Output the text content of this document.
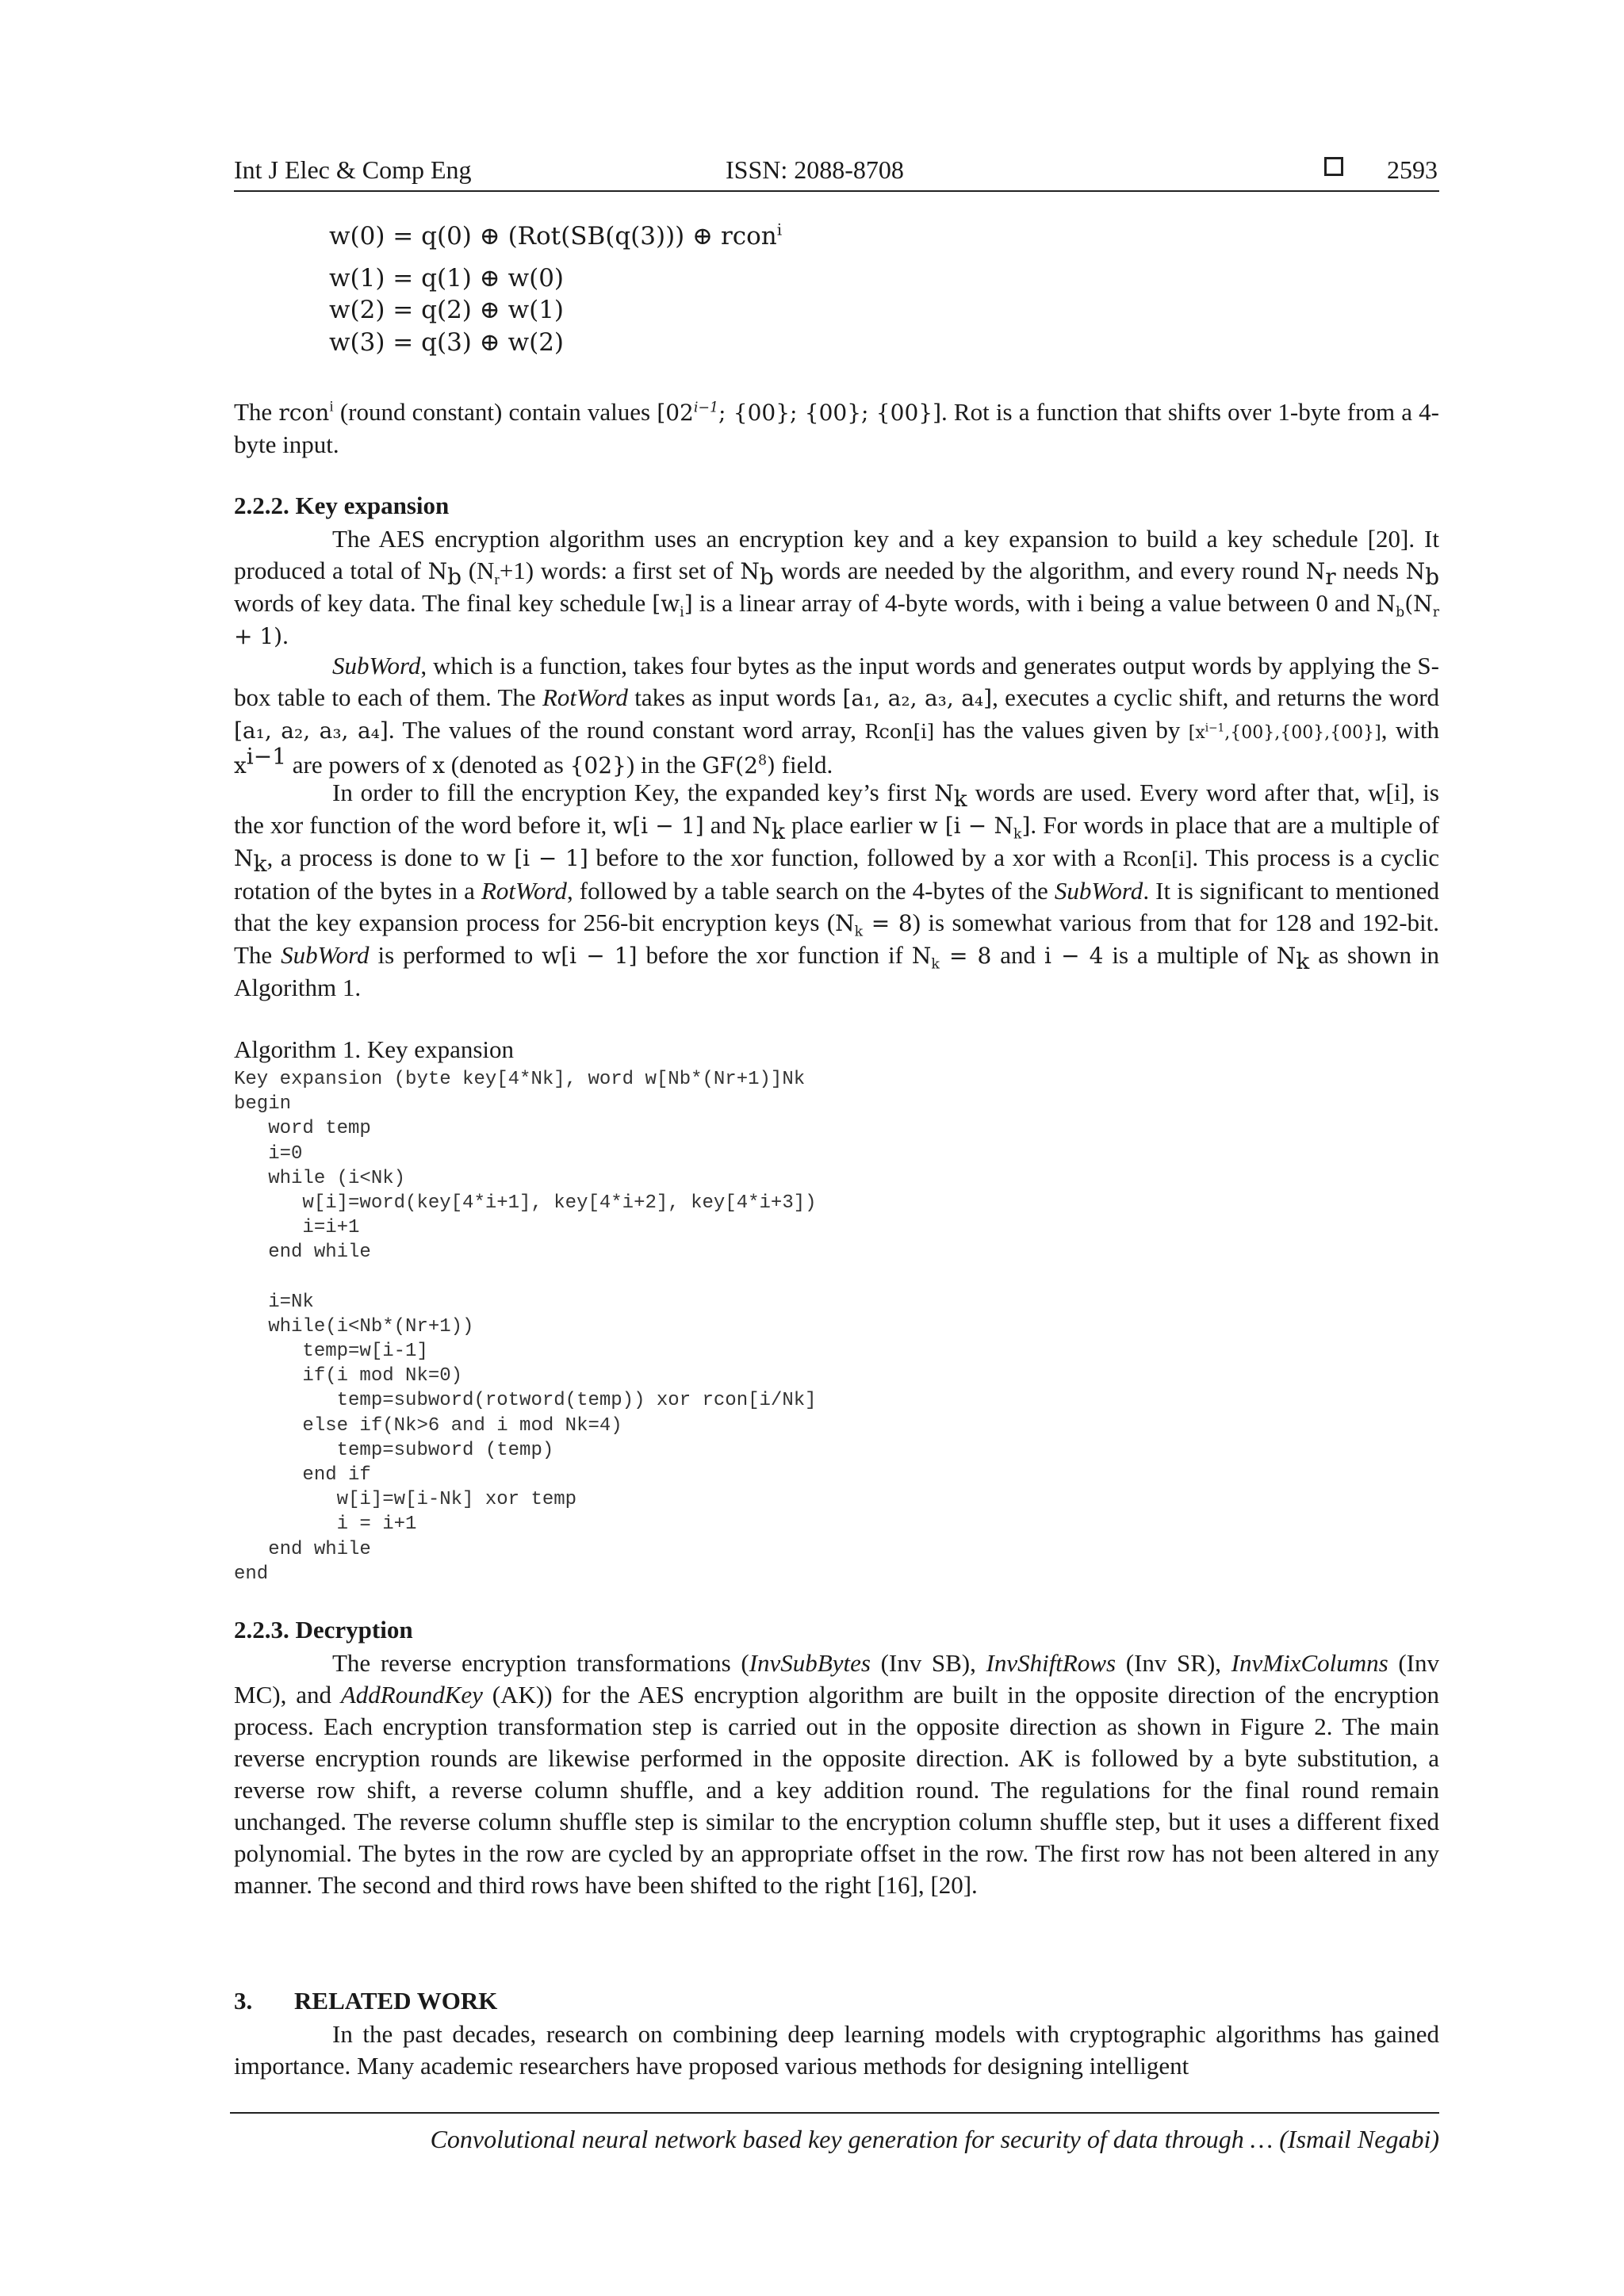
Int J Elec & Comp Eng	ISSN: 2088-8708	2593
w(0) = q(0) ⊕ (Rot(SB(q(3))) ⊕ rcon$^i$
w(1) = q(1) ⊕ w(0)
w(2) = q(2) ⊕ w(1)
w(3) = q(3) ⊕ w(2)

The rcon$^i$ (round constant) contain values [$02^{i-1}$; {00}; {00}; {00}]. Rot is a function that shifts over 1-byte from a 4-byte input.

2.2.2. Key expansion

The AES encryption algorithm uses an encryption key and a key expansion to build a key schedule [20]. It produced a total of $N_b$ $(N_r+1)$ words: a first set of $N_b$ words are needed by the algorithm, and every round $N_r$ needs $N_b$ words of key data. The final key schedule $[w_i]$ is a linear array of 4-byte words, with i being a value between 0 and $N_b(N_r + 1)$.

SubWord, which is a function, takes four bytes as the input words and generates output words by applying the S-box table to each of them. The RotWord takes as input words [a₁, a₂, a₃, a₄], executes a cyclic shift, and returns the word [a₁, a₂, a₃, a₄]. The values of the round constant word array, Rcon[i] has the values given by $[x^{i-1},\{00\},\{00\},\{00\}]$, with $x^{i-1}$ are powers of x (denoted as {02}) in the $GF(2^8)$ field.

In order to fill the encryption Key, the expanded key’s first $N_k$ words are used. Every word after that, w[i], is the xor function of the word before it, w[i − 1] and $N_k$ place earlier w $[i - N_k]$. For words in place that are a multiple of $N_k$, a process is done to w [i − 1] before to the xor function, followed by a xor with a Rcon[i]. This process is a cyclic rotation of the bytes in a RotWord, followed by a table search on the 4-bytes of the SubWord. It is significant to mentioned that the key expansion process for 256-bit encryption keys $(N_k = 8)$ is somewhat various from that for 128 and 192-bit. The SubWord is performed to w[i − 1] before the xor function if $N_k = 8$ and i − 4 is a multiple of $N_k$ as shown in Algorithm 1.

Algorithm 1. Key expansion
Key expansion (byte key[4*Nk], word w[Nb*(Nr+1)]Nk
begin
word temp
i=0
while (i<Nk)
w[i]=word(key[4*i+1], key[4*i+2], key[4*i+3])
i=i+1
end while
i=Nk
while(i<Nb*(Nr+1))
temp=w[i-1]
if(i mod Nk=0)
temp=subword(rotword(temp)) xor rcon[i/Nk]
else if(Nk>6 and i mod Nk=4)
temp=subword (temp)
end if
w[i]=w[i-Nk] xor temp
i = i+1
end while
end
2.2.3. Decryption

The reverse encryption transformations (InvSubBytes (Inv SB), InvShiftRows (Inv SR), InvMixColumns (Inv MC), and AddRoundKey (AK)) for the AES encryption algorithm are built in the opposite direction of the encryption process. Each encryption transformation step is carried out in the opposite direction as shown in Figure 2. The main reverse encryption rounds are likewise performed in the opposite direction. AK is followed by a byte substitution, a reverse row shift, a reverse column shuffle, and a key addition round. The regulations for the final round remain unchanged. The reverse column shuffle step is similar to the encryption column shuffle step, but it uses a different fixed polynomial. The bytes in the row are cycled by an appropriate offset in the row. The first row has not been altered in any manner. The second and third rows have been shifted to the right [16], [20].

3. RELATED WORK

In the past decades, research on combining deep learning models with cryptographic algorithms has gained importance. Many academic researchers have proposed various methods for designing intelligent

Convolutional neural network based key generation for security of data through … (Ismail Negabi)
